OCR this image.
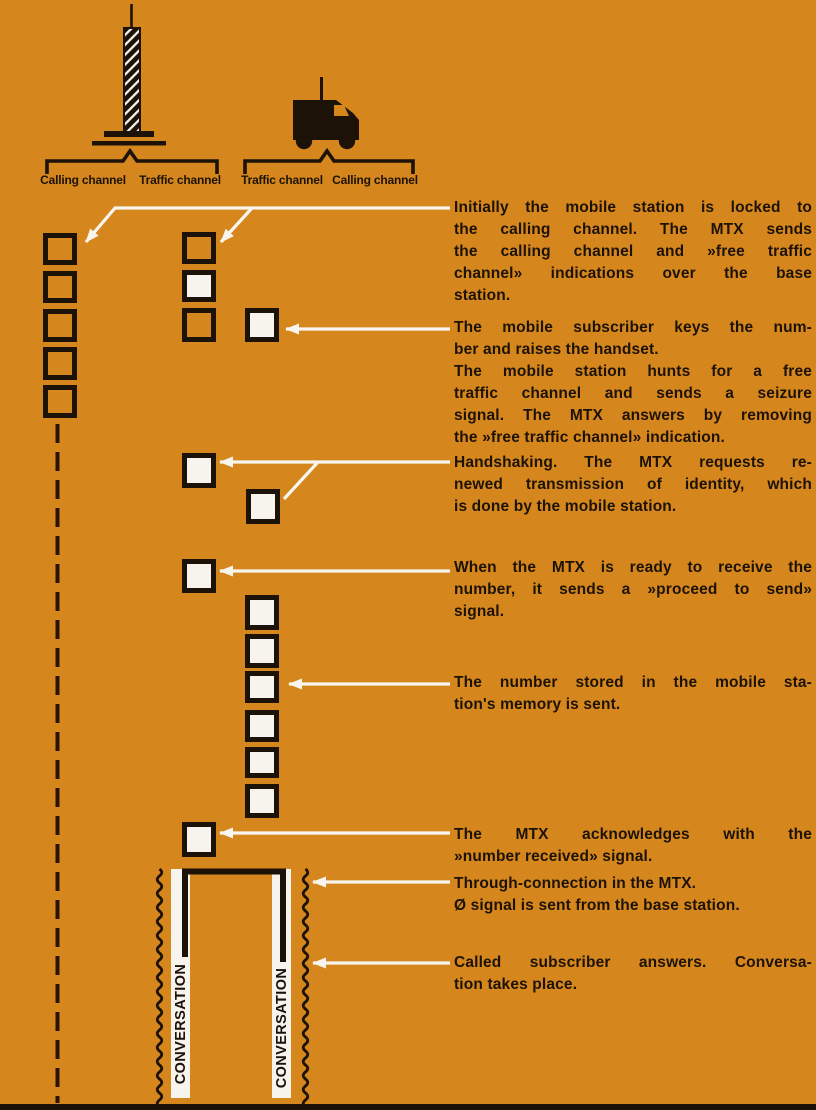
Calling channel	Traffic channel	Traffic channel Calling channel
CONVERSATION	CONVERSATION
Initially the mobile station is locked to
the calling channel. The MTX sends
the calling channel and »free traffic
channel» indications over the base
station.
The mobile subscriber keys the num-
ber and raises the handset.
The mobile station hunts for a free
traffic channel and sends a seizure
signal. The MTX answers by removing
the »free traffic channel» indication.
Handshaking. The MTX requests re-
newed transmission of identity, which
is done by the mobile station.
When the MTX is ready to receive the
number, it sends a »proceed to send»
signal.
The number stored in the mobile sta-
tion's memory is sent.
The MTX acknowledges with the
»number received» signal.
Through-connection in the MTX.
Ø signal is sent from the base station.
Called subscriber answers. Conversa-
tion takes place.
